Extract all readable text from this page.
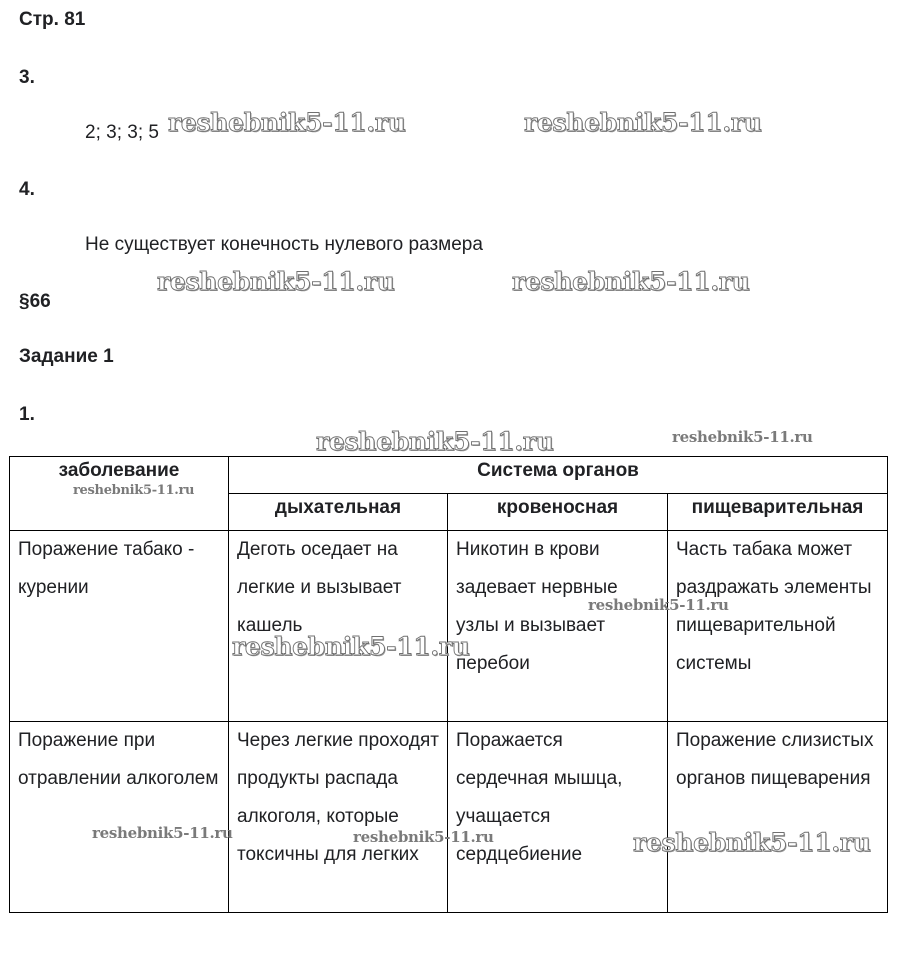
Стр. 81

3.

2; 3; 3; 5

4.

Не существует конечность нулевого размера

§66
Задание 1

1.

заболевание	Система органов		
	дыхательная	кровеносная	пищеварительная
Поражение табако - курении	Деготь оседает на легкие и вызывает кашель	Никотин в крови задевает нервные узлы и вызывает перебои	Часть табака может раздражать элементы пищеварительной системы
Поражение при отравлении алкоголем	Через легкие проходят продукты распада алкоголя, которые токсичны для легких	Поражается сердечная мышца, учащается сердцебиение	Поражение слизистых органов пищеварения
reshebnik5-11.ru	reshebnik5-11.ru
reshebnik5-11.ru	reshebnik5-11.ru
reshebnik5-11.ru	reshebnik5-11.ru
reshebnik5-11.ru
reshebnik5-11.ru
reshebnik5-11.ru
reshebnik5-11.ru	reshebnik5-11.ru	reshebnik5-11.ru
